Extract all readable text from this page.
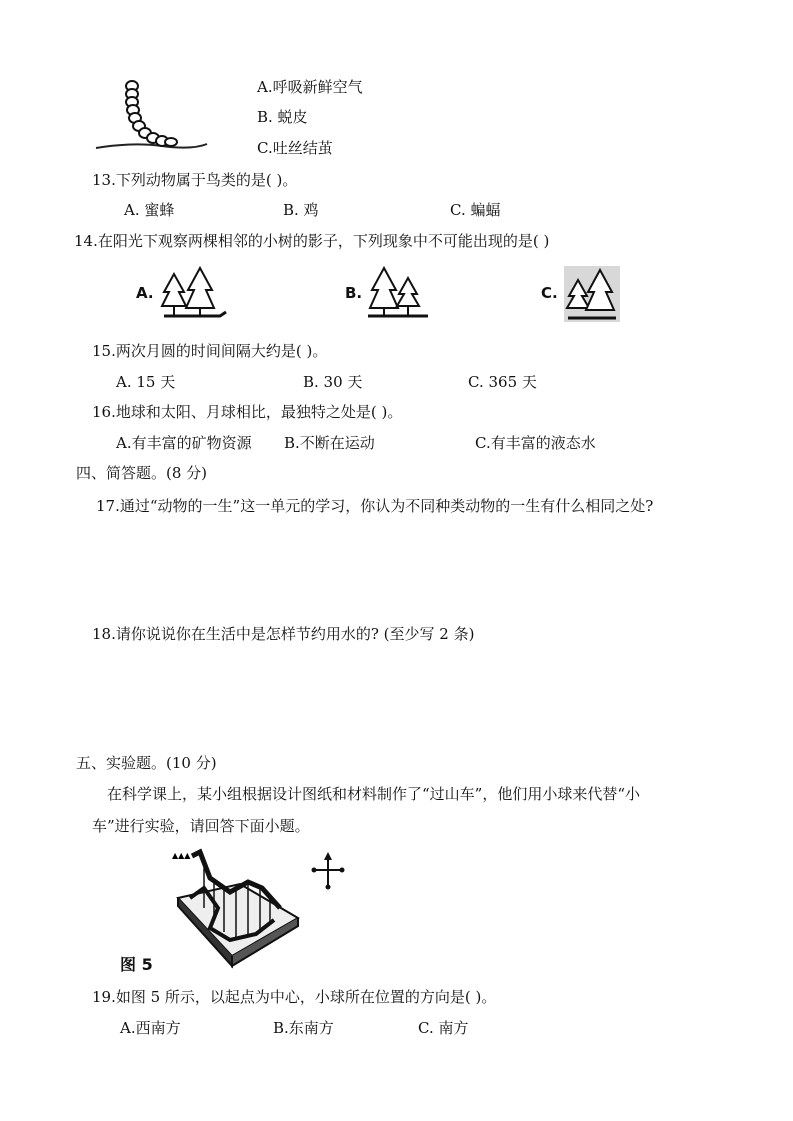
A.呼吸新鲜空气
B. 蜕皮
C.吐丝结茧
13.下列动物属于鸟类的是( )。
A. 蜜蜂	B. 鸡	C. 蝙蝠
14.在阳光下观察两棵相邻的小树的影子，下列现象中不可能出现的是( )
A.	B.	C.
15.两次月圆的时间间隔大约是( )。
A. 15 天	B. 30 天	C. 365 天
16.地球和太阳、月球相比，最独特之处是( )。
A.有丰富的矿物资源 B.不断在运动	C.有丰富的液态水
四、简答题。(8 分)
17.通过“动物的一生”这一单元的学习，你认为不同种类动物的一生有什么相同之处?
18.请你说说你在生活中是怎样节约用水的? (至少写 2 条)
五、实验题。(10 分)
在科学课上，某小组根据设计图纸和材料制作了“过山车”，他们用小球来代替“小
车”进行实验，请回答下面小题。
▲▲▲
图 5
19.如图 5 所示，以起点为中心，小球所在位置的方向是( )。
A.西南方	B.东南方	C. 南方
